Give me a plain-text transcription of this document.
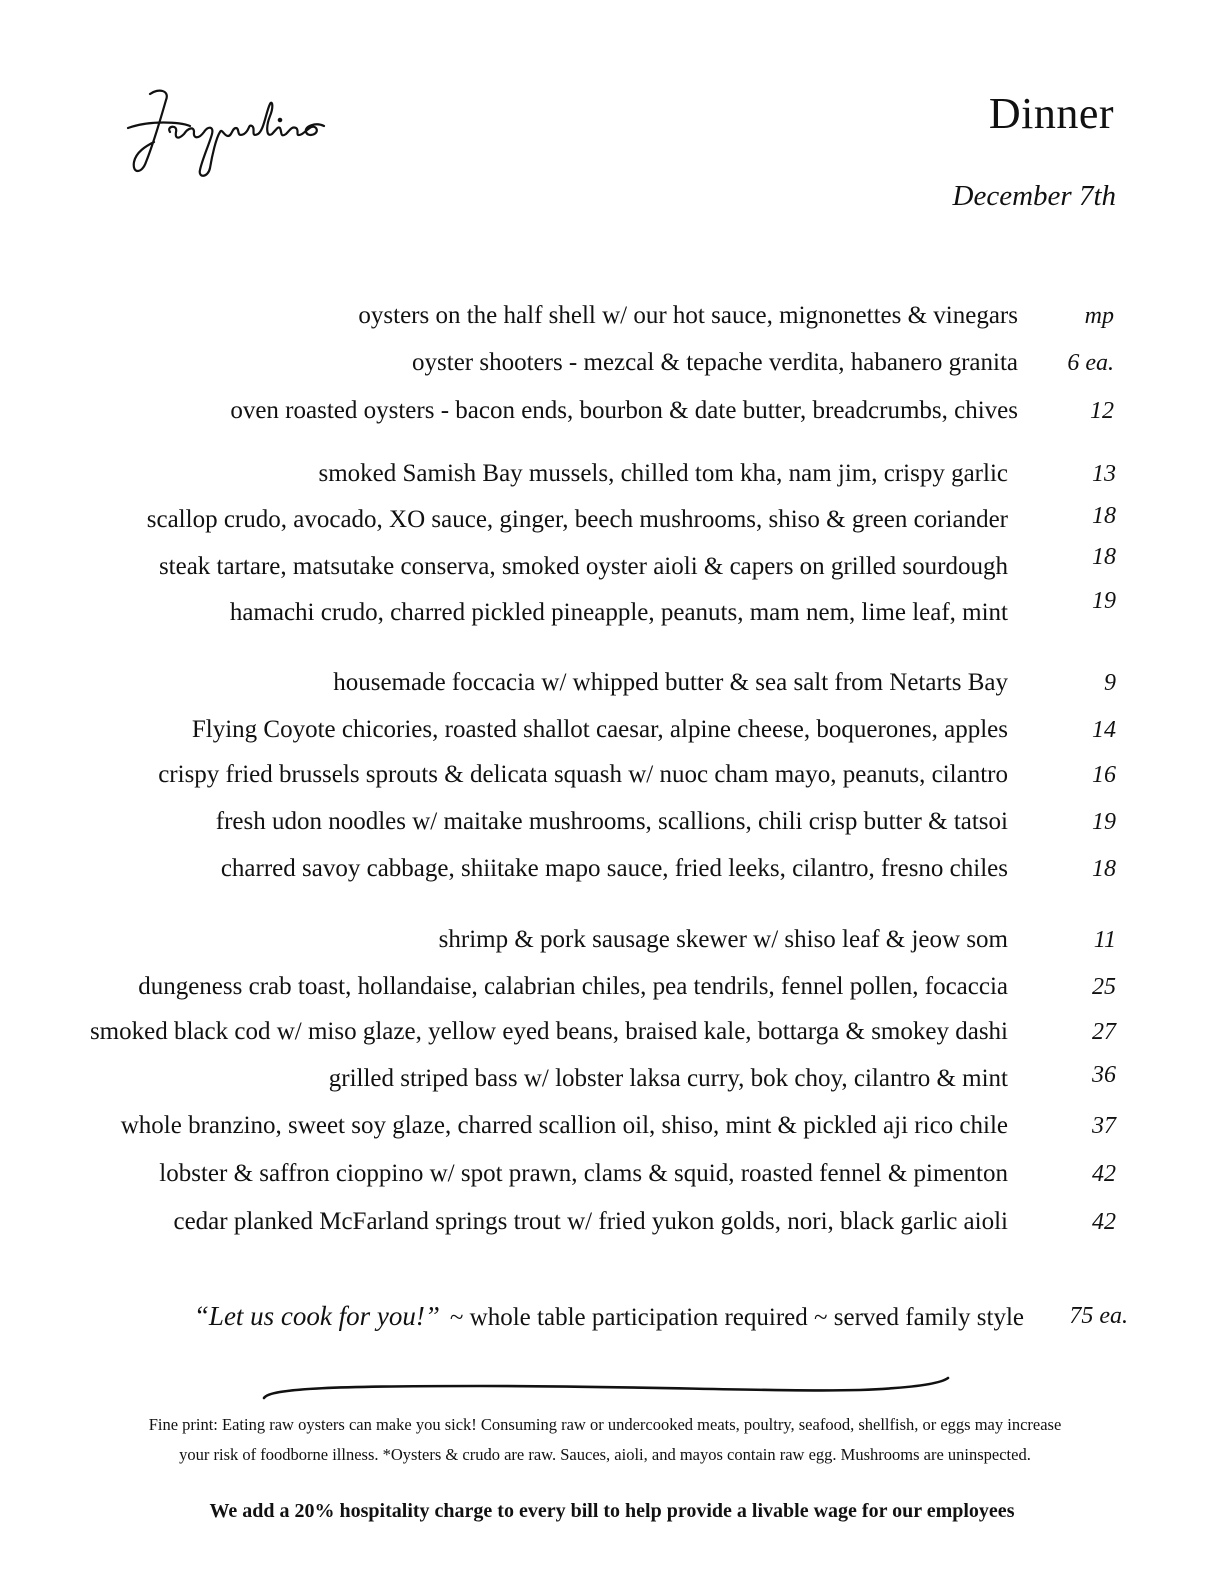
Dinner
December 7th
oysters on the half shell w/ our hot sauce, mignonettes & vinegars	mp
oyster shooters - mezcal & tepache verdita, habanero granita 6 ea.
oven roasted oysters - bacon ends, bourbon & date butter, breadcrumbs, chives	12
smoked Samish Bay mussels, chilled tom kha, nam jim, crispy garlic	13
scallop crudo, avocado, XO sauce, ginger, beech mushrooms, shiso & green coriander	18
steak tartare, matsutake conserva, smoked oyster aioli & capers on grilled sourdough	18
hamachi crudo, charred pickled pineapple, peanuts, mam nem, lime leaf, mint	19
housemade foccacia w/ whipped butter & sea salt from Netarts Bay	9
Flying Coyote chicories, roasted shallot caesar, alpine cheese, boquerones, apples	14
crispy fried brussels sprouts & delicata squash w/ nuoc cham mayo, peanuts, cilantro	16
fresh udon noodles w/ maitake mushrooms, scallions, chili crisp butter & tatsoi	19
charred savoy cabbage, shiitake mapo sauce, fried leeks, cilantro, fresno chiles	18
shrimp & pork sausage skewer w/ shiso leaf & jeow som	11
dungeness crab toast, hollandaise, calabrian chiles, pea tendrils, fennel pollen, focaccia	25
smoked black cod w/ miso glaze, yellow eyed beans, braised kale, bottarga & smokey dashi	27
grilled striped bass w/ lobster laksa curry, bok choy, cilantro & mint	36
whole branzino, sweet soy glaze, charred scallion oil, shiso, mint & pickled aji rico chile	37
lobster & saffron cioppino w/ spot prawn, clams & squid, roasted fennel & pimenton	42
cedar planked McFarland springs trout w/ fried yukon golds, nori, black garlic aioli	42
“Let us cook for you!” ~ whole table participation required ~ served family style 75 ea.
Fine print: Eating raw oysters can make you sick! Consuming raw or undercooked meats, poultry, seafood, shellfish, or eggs may increase
your risk of foodborne illness. *Oysters & crudo are raw. Sauces, aioli, and mayos contain raw egg. Mushrooms are uninspected.
We add a 20% hospitality charge to every bill to help provide a livable wage for our employees
